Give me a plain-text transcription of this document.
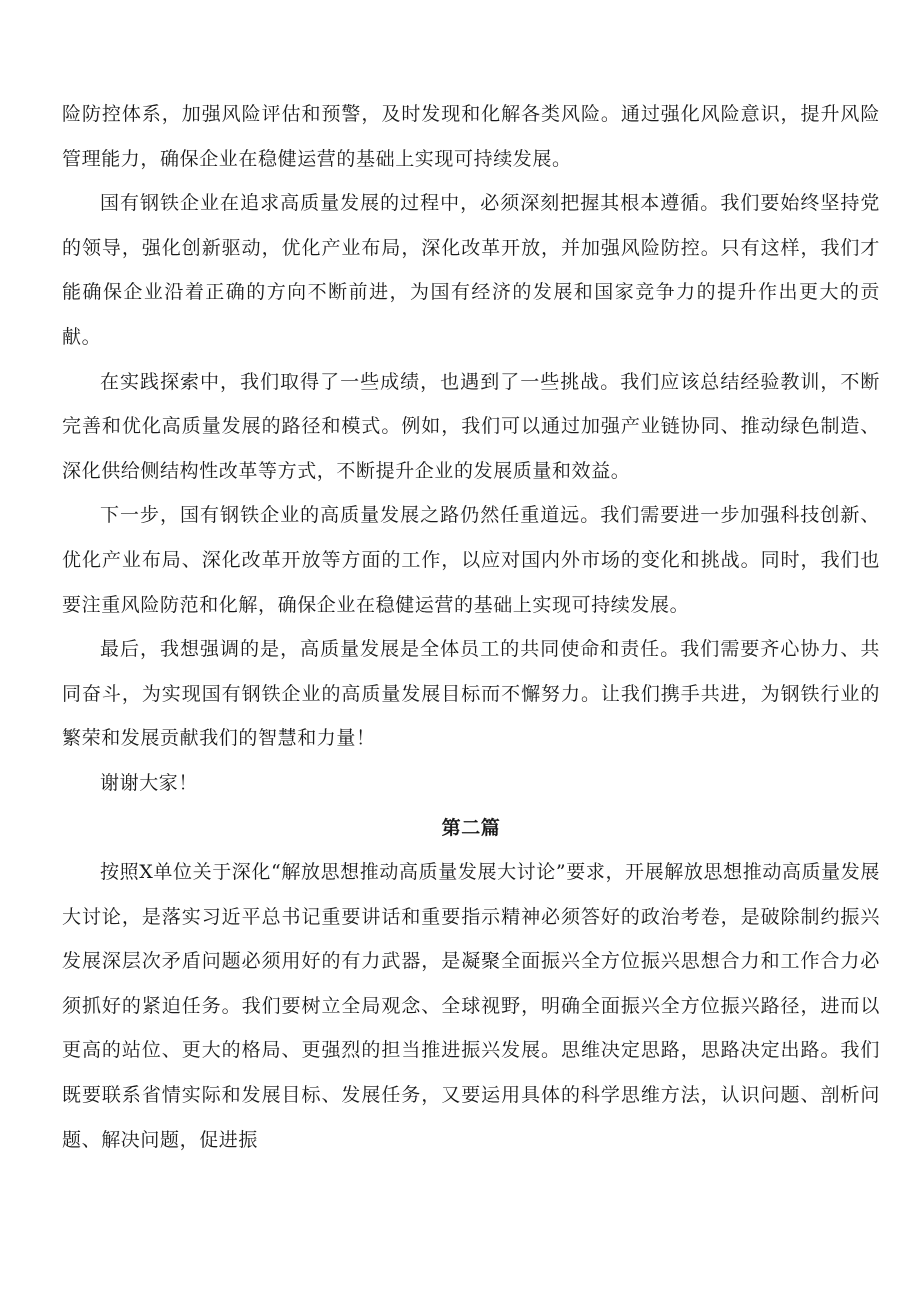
险防控体系，加强风险评估和预警，及时发现和化解各类风险。通过强化风险意识，提升风险管理能力，确保企业在稳健运营的基础上实现可持续发展。

国有钢铁企业在追求高质量发展的过程中，必须深刻把握其根本遵循。我们要始终坚持党的领导，强化创新驱动，优化产业布局，深化改革开放，并加强风险防控。只有这样，我们才能确保企业沿着正确的方向不断前进，为国有经济的发展和国家竞争力的提升作出更大的贡献。

在实践探索中，我们取得了一些成绩，也遇到了一些挑战。我们应该总结经验教训，不断完善和优化高质量发展的路径和模式。例如，我们可以通过加强产业链协同、推动绿色制造、深化供给侧结构性改革等方式，不断提升企业的发展质量和效益。

下一步，国有钢铁企业的高质量发展之路仍然任重道远。我们需要进一步加强科技创新、优化产业布局、深化改革开放等方面的工作，以应对国内外市场的变化和挑战。同时，我们也要注重风险防范和化解，确保企业在稳健运营的基础上实现可持续发展。

最后，我想强调的是，高质量发展是全体员工的共同使命和责任。我们需要齐心协力、共同奋斗，为实现国有钢铁企业的高质量发展目标而不懈努力。让我们携手共进，为钢铁行业的繁荣和发展贡献我们的智慧和力量！

谢谢大家！

第二篇

按照X单位关于深化“解放思想推动高质量发展大讨论”要求，开展解放思想推动高质量发展大讨论，是落实习近平总书记重要讲话和重要指示精神必须答好的政治考卷，是破除制约振兴发展深层次矛盾问题必须用好的有力武器，是凝聚全面振兴全方位振兴思想合力和工作合力必须抓好的紧迫任务。我们要树立全局观念、全球视野，明确全面振兴全方位振兴路径，进而以更高的站位、更大的格局、更强烈的担当推进振兴发展。思维决定思路，思路决定出路。我们既要联系省情实际和发展目标、发展任务，又要运用具体的科学思维方法，认识问题、剖析问题、解决问题，促进振
